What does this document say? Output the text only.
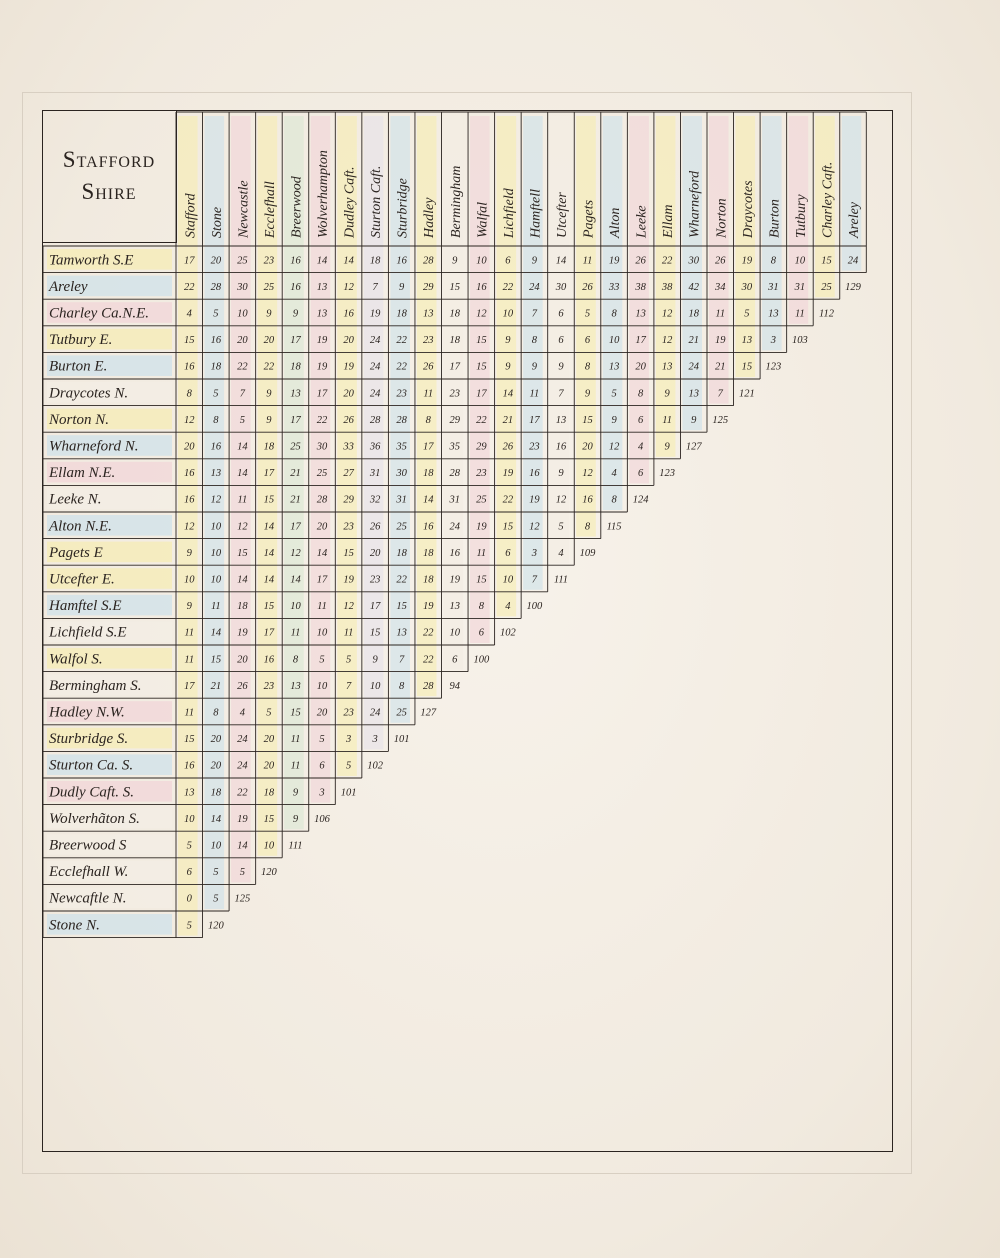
Stafford
Shire
Stafford Stone Newcastle Ecclefhall Breerwood Wolverhampton Dudley Caft. Sturton Caft. Sturbridge Hadley Bermingham Walfal Lichfield Hamftell Utcefter Pagets Alton Leeke Ellam Wharneford Norton Draycotes Burton Tutbury Charley Caft. Areley
Tamworth S.E	17 20 25 23 16 14 14 18 16 28 9 10 6 9 14 11 19 26 22 30 26 19 8 10 15 24
Areley	22 28 30 25 16 13 12 7 9 29 15 16 22 24 30 26 33 38 38 42 34 30 31 31 25 129
Charley Ca.N.E.	4 5 10 9 9 13 16 19 18 13 18 12 10 7 6 5 8 13 12 18 11 5 13 11 112
Tutbury E.	15 16 20 20 17 19 20 24 22 23 18 15 9 8 6 6 10 17 12 21 19 13 3 103
Burton E.	16 18 22 22 18 19 19 24 22 26 17 15 9 9 9 8 13 20 13 24 21 15 123
Draycotes N.	8 5 7 9 13 17 20 24 23 11 23 17 14 11 7 9 5 8 9 13 7 121
Norton N.	12 8 5 9 17 22 26 28 28 8 29 22 21 17 13 15 9 6 11 9 125
Wharneford N.	20 16 14 18 25 30 33 36 35 17 35 29 26 23 16 20 12 4 9 127
Ellam N.E.	16 13 14 17 21 25 27 31 30 18 28 23 19 16 9 12 4 6 123
Leeke N.	16 12 11 15 21 28 29 32 31 14 31 25 22 19 12 16 8 124
Alton N.E.	12 10 12 14 17 20 23 26 25 16 24 19 15 12 5 8 115
Pagets E	9 10 15 14 12 14 15 20 18 18 16 11 6 3 4 109
Utcefter E.	10 10 14 14 14 17 19 23 22 18 19 15 10 7 111
Hamftel S.E	9 11 18 15 10 11 12 17 15 19 13 8 4 100
Lichfield S.E	11 14 19 17 11 10 11 15 13 22 10 6 102
Walfol S.	11 15 20 16 8 5 5 9 7 22 6 100
Bermingham S.	17 21 26 23 13 10 7 10 8 28 94
Hadley N.W.	11 8 4 5 15 20 23 24 25 127
Sturbridge S.	15 20 24 20 11 5 3 3 101
Sturton Ca. S.	16 20 24 20 11 6 5 102
Dudly Caft. S.	13 18 22 18 9 3 101
Wolverhãton S.	10 14 19 15 9 106
Breerwood S	5 10 14 10 111
Ecclefhall W.	6 5 5 120
Newcaftle N.	0 5 125
Stone N.	5 120
